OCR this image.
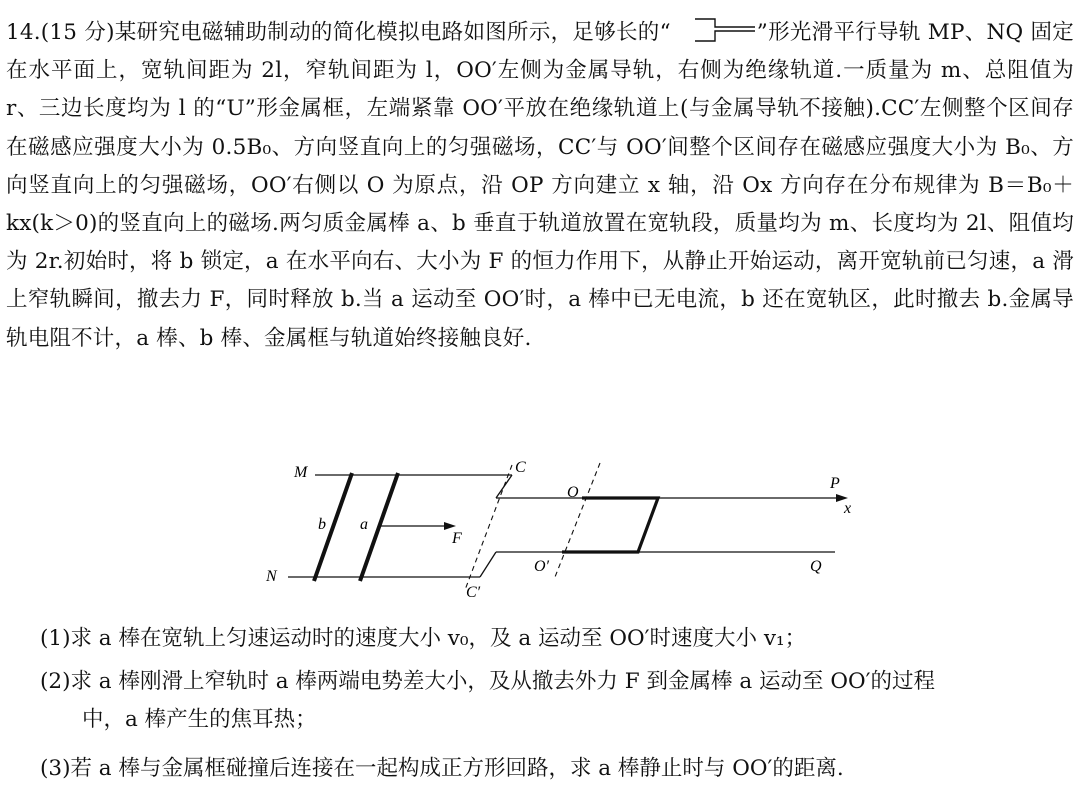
14.(15 分)某研究电磁辅助制动的简化模拟电路如图所示，足够长的“	”形光滑平行导轨 MP、NQ 固定在水平面上，宽轨间距为 2l，窄轨间距为 l，OO′左侧为金属导轨，右侧为绝缘轨道.一质量为 m、总阻值为 r、三边长度均为 l 的“U”形金属框，左端紧靠 OO′平放在绝缘轨道上(与金属导轨不接触).CC′左侧整个区间存在磁感应强度大小为 0.5B₀、方向竖直向上的匀强磁场，CC′与 OO′间整个区间存在磁感应强度大小为 B₀、方向竖直向上的匀强磁场，OO′右侧以 O 为原点，沿 OP 方向建立 x 轴，沿 Ox 方向存在分布规律为 B＝B₀＋kx(k＞0)的竖直向上的磁场.两匀质金属棒 a、b 垂直于轨道放置在宽轨段，质量均为 m、长度均为 2l、阻值均为 2r.初始时，将 b 锁定，a 在水平向右、大小为 F 的恒力作用下，从静止开始运动，离开宽轨前已匀速，a 滑上窄轨瞬间，撤去力 F，同时释放 b.当 a 运动至 OO′时，a 棒中已无电流，b 还在宽轨区，此时撤去 b.金属导轨电阻不计，a 棒、b 棒、金属框与轨道始终接触良好.
M
N
C
C′
O
O′
P
x
Q
b a
F
(1)求 a 棒在宽轨上匀速运动时的速度大小 v₀，及 a 运动至 OO′时速度大小 v₁；
(2)求 a 棒刚滑上窄轨时 a 棒两端电势差大小，及从撤去外力 F 到金属棒 a 运动至 OO′的过程
中，a 棒产生的焦耳热；
(3)若 a 棒与金属框碰撞后连接在一起构成正方形回路，求 a 棒静止时与 OO′的距离.
